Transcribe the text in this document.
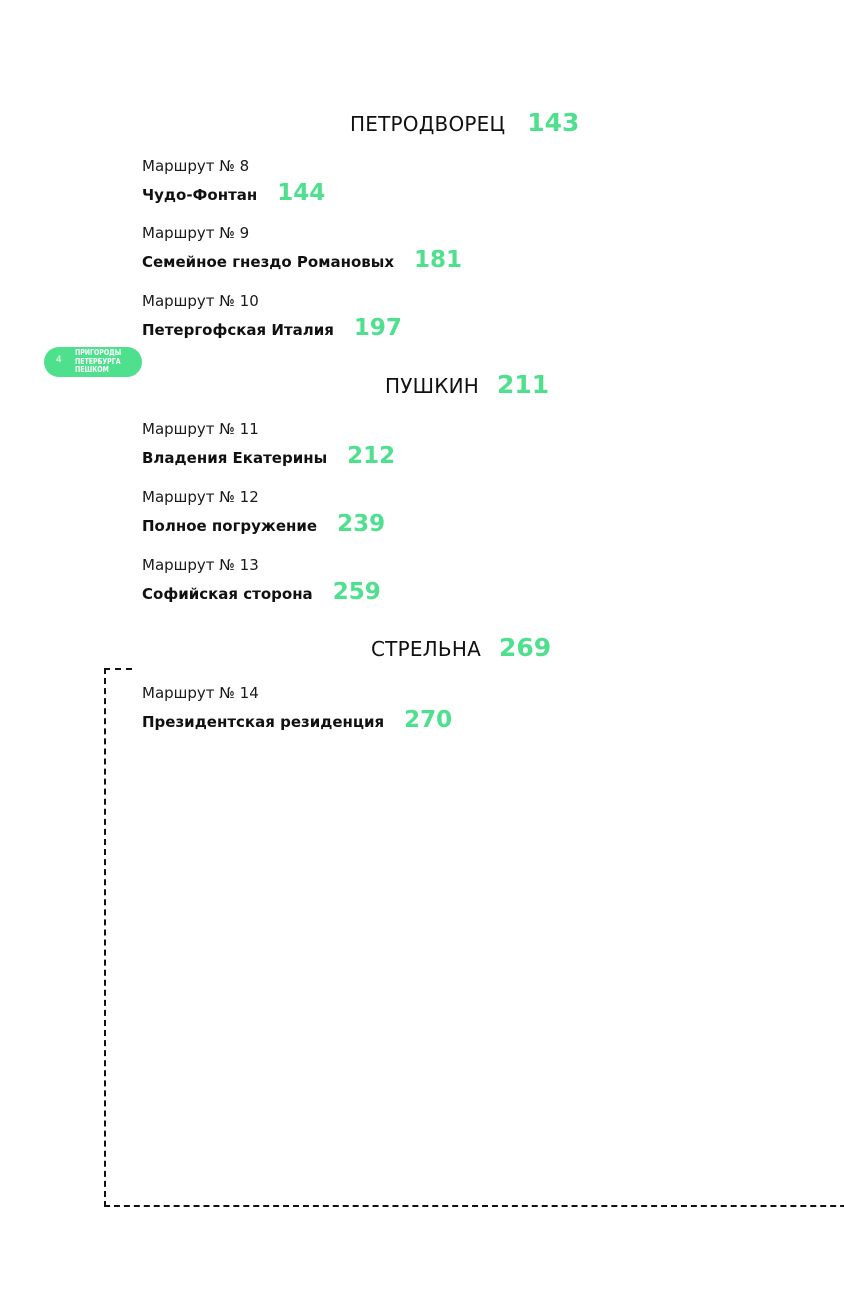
ПЕТРОДВОРЕЦ 143
Маршрут № 8
Чудо-Фонтан 144
Маршрут № 9
Семейное гнездо Романовых 181
Маршрут № 10
Петергофская Италия 197
4
ПРИГОРОДЫ
ПЕТЕРБУРГА
ПЕШКОМ
ПУШКИН 211
Маршрут № 11
Владения Екатерины 212
Маршрут № 12
Полное погружение 239
Маршрут № 13
Софийская сторона 259
СТРЕЛЬНА 269
Маршрут № 14
Президентская резиденция 270
